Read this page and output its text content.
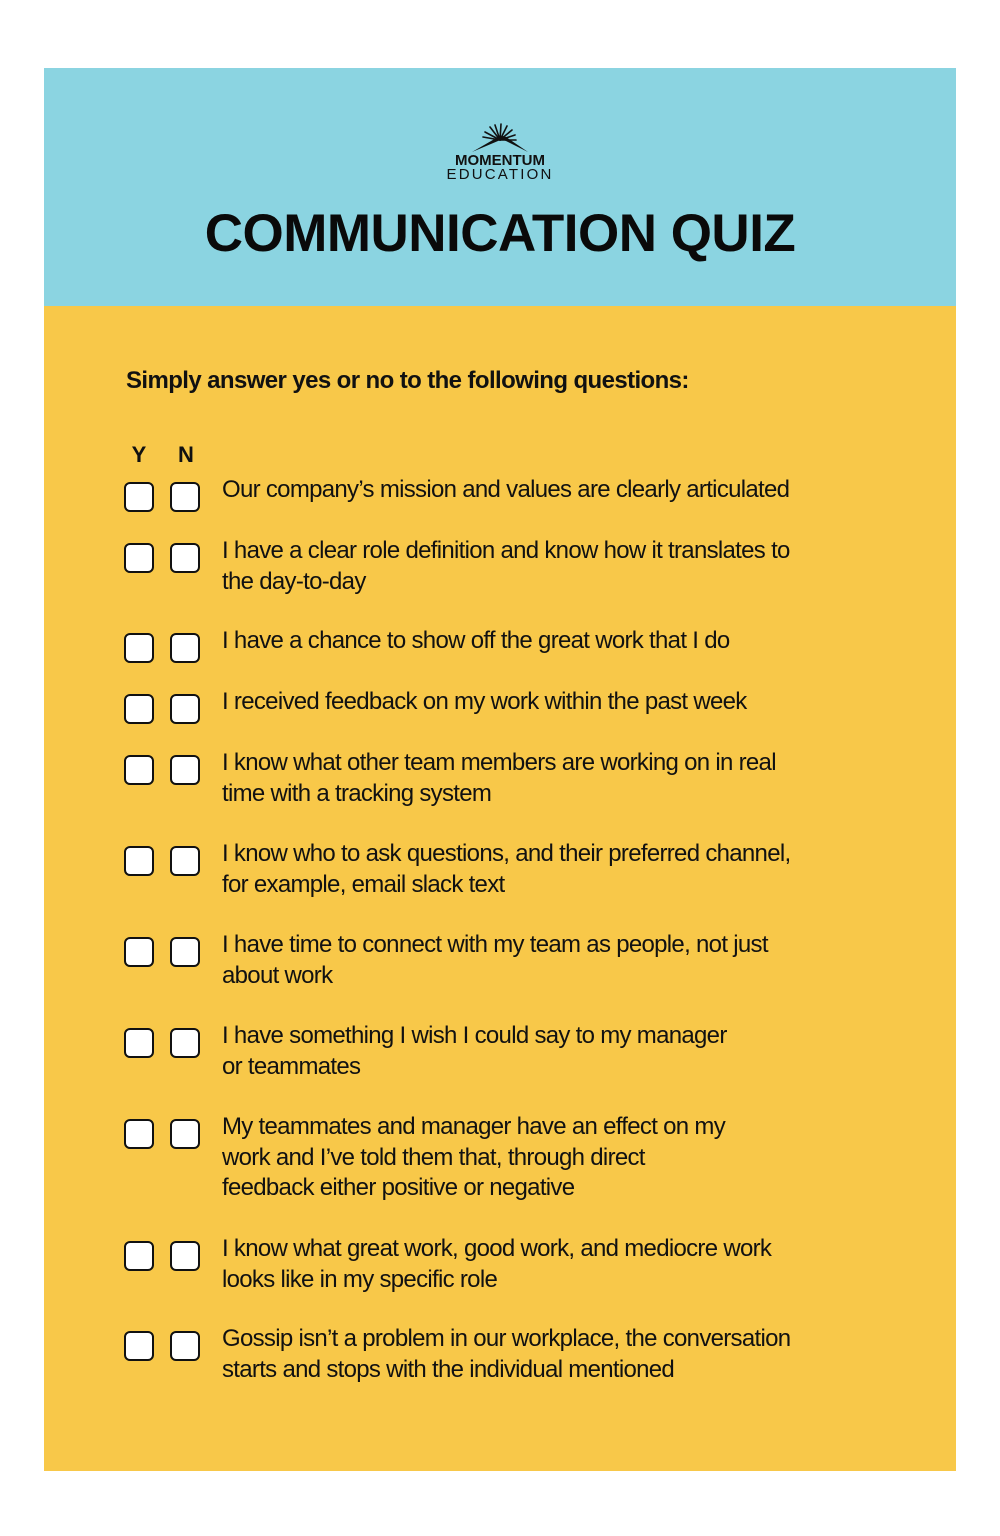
MOMENTUM
EDUCATION
COMMUNICATION QUIZ
Simply answer yes or no to the following questions:
Y	N
Our company’s mission and values are clearly articulated
I have a clear role definition and know how it translates to
the day-to-day
I have a chance to show off the great work that I do
I received feedback on my work within the past week
I know what other team members are working on in real
time with a tracking system
I know who to ask questions, and their preferred channel,
for example, email slack text
I have time to connect with my team as people, not just
about work
I have something I wish I could say to my manager
or teammates
My teammates and manager have an effect on my
work and I’ve told them that, through direct
feedback either positive or negative
I know what great work, good work, and mediocre work
looks like in my specific role
Gossip isn’t a problem in our workplace, the conversation
starts and stops with the individual mentioned
